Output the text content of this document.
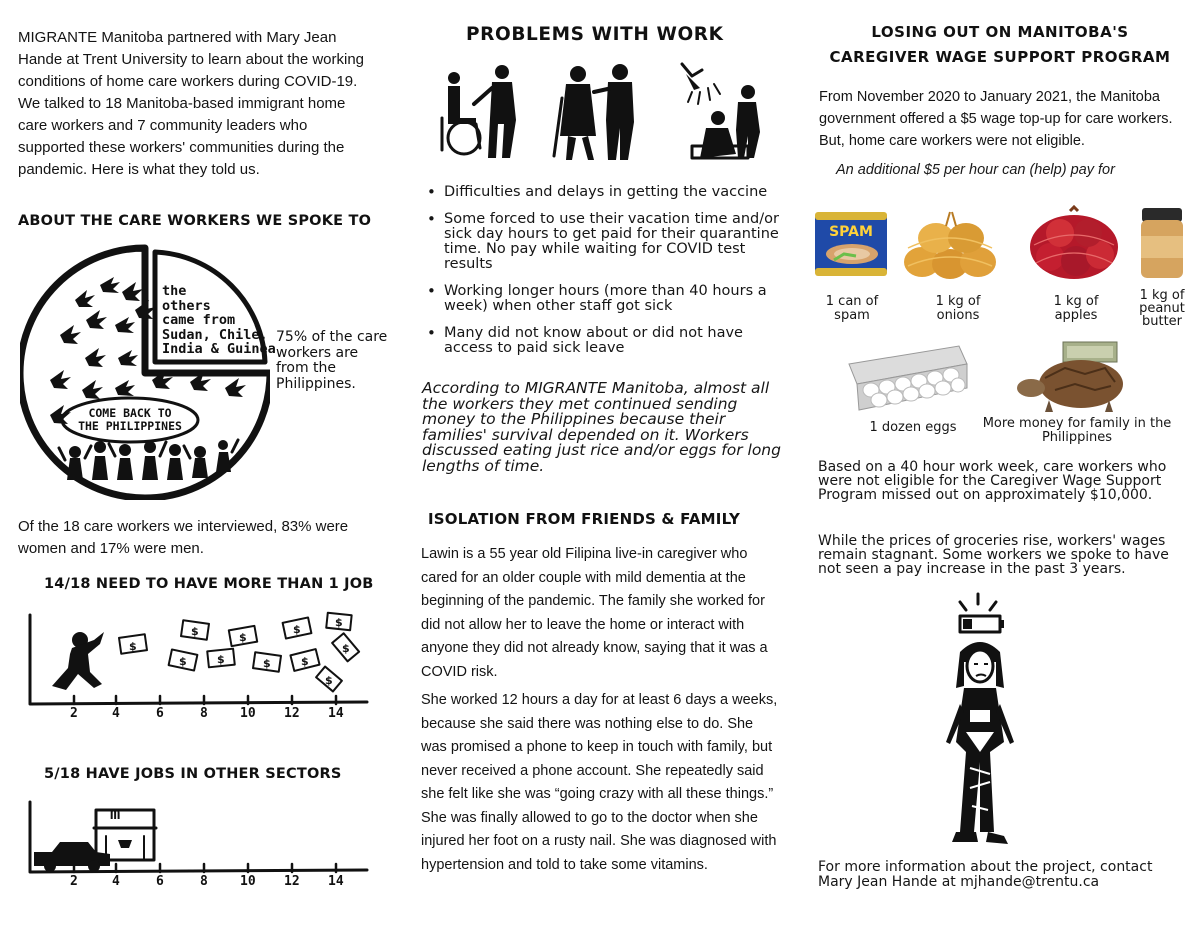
MIGRANTE Manitoba partnered with Mary Jean Hande at Trent University to learn about the working conditions of home care workers during COVID-19. We talked to 18 Manitoba-based immigrant home care workers and 7 community leaders who supported these workers' communities during the pandemic. Here is what they told us.

ABOUT THE CARE WORKERS WE SPOKE TO
the
others
came from
Sudan, Chile,
India & Guinea
COME BACK TO
THE PHILIPPINES
75% of the care workers are from the Philippines.

Of the 18 care workers we interviewed, 83% were women and 17% were men.

14/18 NEED TO HAVE MORE THAN 1 JOB
$
$	$
$
$
$	$	$	$
$
$
2	4	6	8 10 12 14
5/18 HAVE JOBS IN OTHER SECTORS
m
2	4	6	8 10 12 14
PROBLEMS WITH WORK
• Difficulties and delays in getting the vaccine
• Some forced to use their vacation time and/or sick day hours to get paid for their quarantine time. No pay while waiting for COVID test results
• Working longer hours (more than 40 hours a week) when other staff got sick
• Many did not know about or did not have access to paid sick leave

According to MIGRANTE Manitoba, almost all the workers they met continued sending money to the Philippines because their families' survival depended on it. Workers discussed eating just rice and/or eggs for long lengths of time.

ISOLATION FROM FRIENDS & FAMILY

Lawin is a 55 year old Filipina live-in caregiver who cared for an older couple with mild dementia at the beginning of the pandemic. The family she worked for did not allow her to leave the home or interact with anyone they did not already know, saying that it was a COVID risk.

She worked 12 hours a day for at least 6 days a weeks, because she said there was nothing else to do. She was promised a phone to keep in touch with family, but never received a phone account. She repeatedly said she felt like she was “going crazy with all these things.” She was finally allowed to go to the doctor when she injured her foot on a rusty nail. She was diagnosed with hypertension and told to take some vitamins.

LOSING OUT ON MANITOBA'S
CAREGIVER WAGE SUPPORT PROGRAM

From November 2020 to January 2021, the Manitoba government offered a $5 wage top-up for care workers. But, home care workers were not eligible.

An additional $5 per hour can (help) pay for
SPAM
1 can of spam
1 kg of onions
1 kg of apples
1 kg of peanut butter
1 dozen eggs	More money for family in the Philippines

Based on a 40 hour work week, care workers who were not eligible for the Caregiver Wage Support Program missed out on approximately $10,000.

While the prices of groceries rise, workers' wages remain stagnant. Some workers we spoke to have not seen a pay increase in the past 3 years.

For more information about the project, contact Mary Jean Hande at mjhande@trentu.ca
